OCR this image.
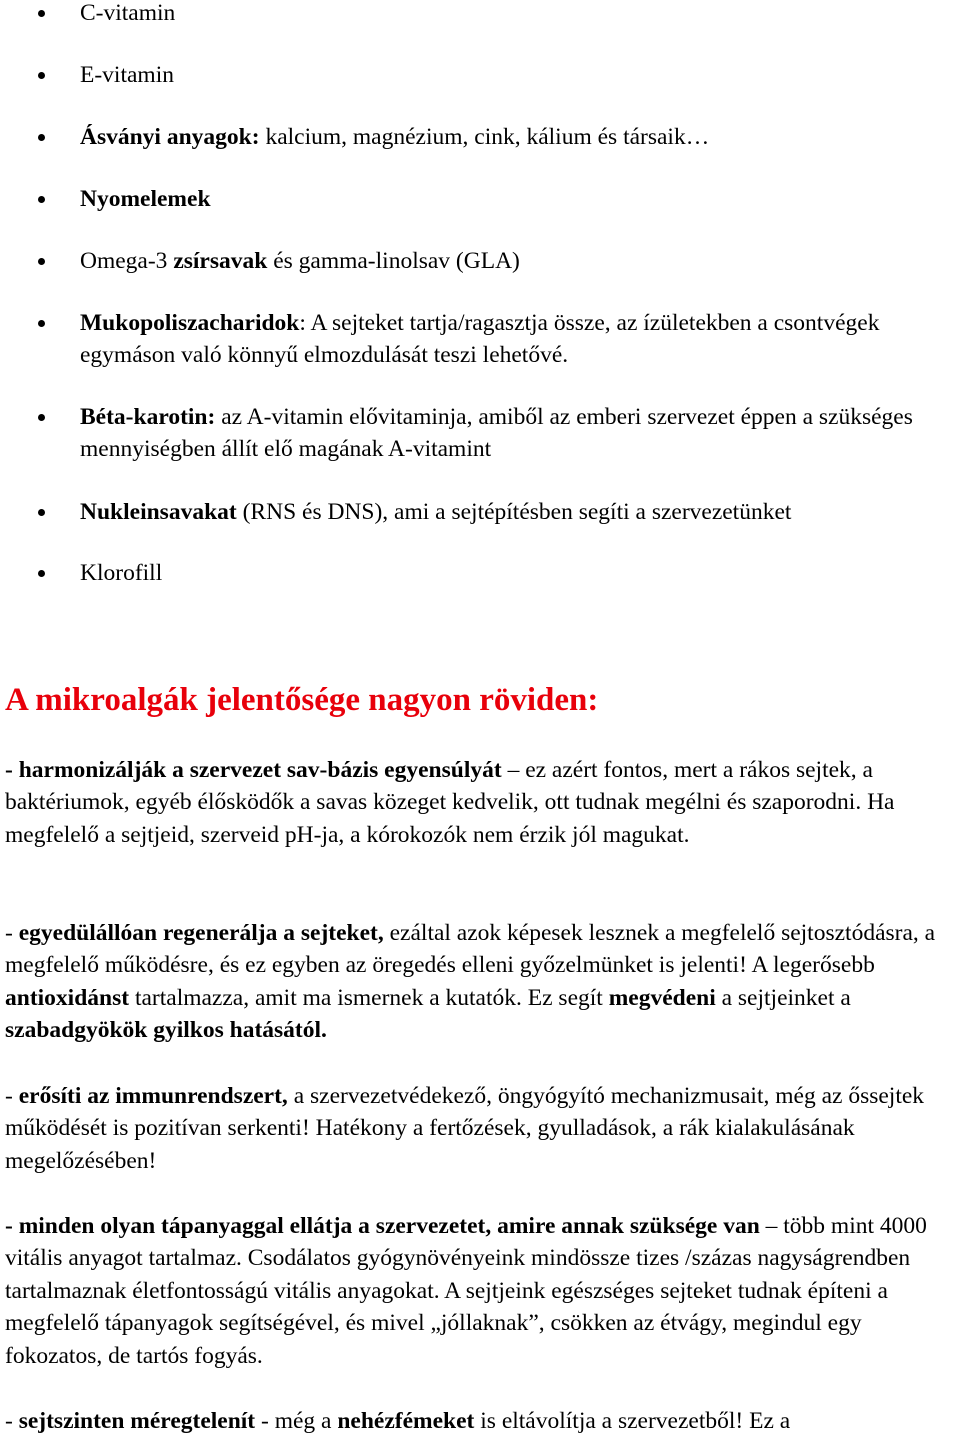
C-vitamin
E-vitamin
Ásványi anyagok: kalcium, magnézium, cink, kálium és társaik…
Nyomelemek
Omega-3 zsírsavak és gamma-linolsav (GLA)
Mukopoliszacharidok: A sejteket tartja/ragasztja össze, az ízületekben a csontvégek egymáson való könnyű elmozdulását teszi lehetővé.
Béta-karotin: az A-vitamin elővitaminja, amiből az emberi szervezet éppen a szükséges mennyiségben állít elő magának A-vitamint
Nukleinsavakat (RNS és DNS), ami a sejtépítésben segíti a szervezetünket
Klorofill
A mikroalgák jelentősége nagyon röviden:

- harmonizálják a szervezet sav-bázis egyensúlyát – ez azért fontos, mert a rákos sejtek, a baktériumok, egyéb élősködők a savas közeget kedvelik, ott tudnak megélni és szaporodni. Ha megfelelő a sejtjeid, szerveid pH-ja, a kórokozók nem érzik jól magukat.

- egyedülállóan regenerálja a sejteket, ezáltal azok képesek lesznek a megfelelő sejtosztódásra, a megfelelő működésre, és ez egyben az öregedés elleni győzelmünket is jelenti! A legerősebb antioxidánst tartalmazza, amit ma ismernek a kutatók. Ez segít megvédeni a sejtjeinket a szabadgyökök gyilkos hatásától.

- erősíti az immunrendszert, a szervezetvédekező, öngyógyító mechanizmusait, még az őssejtek működését is pozitívan serkenti! Hatékony a fertőzések, gyulladások, a rák kialakulásának megelőzésében!

- minden olyan tápanyaggal ellátja a szervezetet, amire annak szüksége van – több mint 4000 vitális anyagot tartalmaz. Csodálatos gyógynövényeink mindössze tizes /százas nagyságrendben tartalmaznak életfontosságú vitális anyagokat. A sejtjeink egészséges sejteket tudnak építeni a megfelelő tápanyagok segítségével, és mivel „jóllaknak”, csökken az étvágy, megindul egy fokozatos, de tartós fogyás.

- sejtszinten méregtelenít - még a nehézfémeket is eltávolítja a szervezetből! Ez a
